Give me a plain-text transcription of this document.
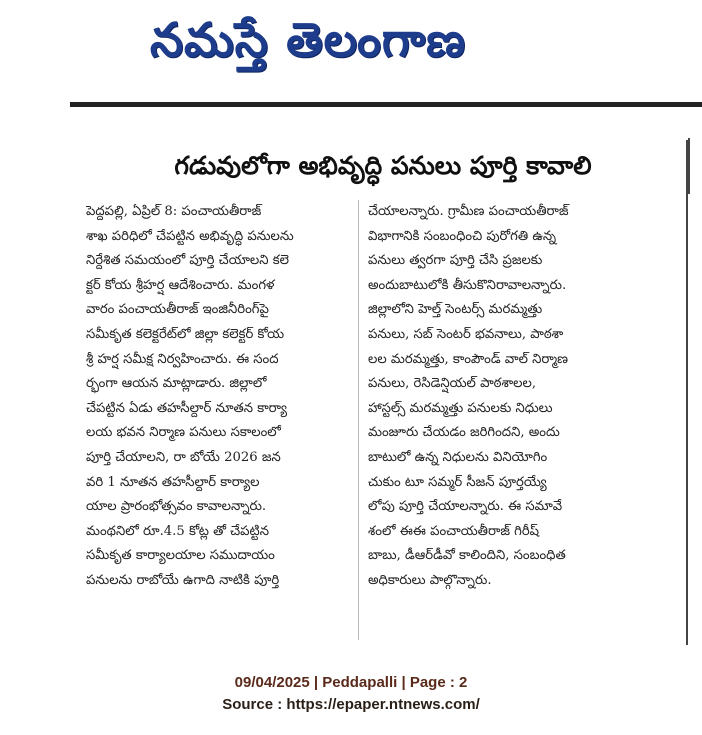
నమస్తే తెలంగాణ
గడువులోగా అభివృద్ధి పనులు పూర్తి కావాలి
పెద్దపల్లి, ఏప్రిల్ 8: పంచాయతీరాజ్
శాఖ పరిధిలో చేపట్టిన అభివృద్ధి పనులను
నిర్దేశిత సమయంలో పూర్తి చేయాలని కలె
క్టర్ కోయ శ్రీహర్ష ఆదేశించారు. మంగళ
వారం పంచాయతీరాజ్ ఇంజినీరింగ్‌పై
సమీకృత కలెక్టరేట్‌లో జిల్లా కలెక్టర్ కోయ
శ్రీ హర్ష సమీక్ష నిర్వహించారు. ఈ సంద
ర్భంగా ఆయన మాట్లాడారు. జిల్లాలో
చేపట్టిన ఏడు తహసీల్దార్ నూతన కార్యా
లయ భవన నిర్మాణ పనులు సకాలంలో
పూర్తి చేయాలని, రా బోయే 2026 జన
వరి 1 నూతన తహసీల్దార్ కార్యాల
యాల ప్రారంభోత్సవం కావాలన్నారు.
మంథనిలో రూ.4.5 కోట్ల తో చేపట్టిన
సమీకృత కార్యాలయాల సముదాయం
పనులను రాబోయే ఉగాది నాటికి పూర్తి
చేయాలన్నారు. గ్రామీణ పంచాయతీరాజ్
విభాగానికి సంబంధించి పురోగతి ఉన్న
పనులు త్వరగా పూర్తి చేసి ప్రజలకు
అందుబాటులోకి తీసుకొనిరావాలన్నారు.
జిల్లాలోని హెల్త్ సెంటర్స్ మరమ్మత్తు
పనులు, సబ్ సెంటర్ భవనాలు, పాఠశా
లల మరమ్మత్తు, కాంపౌండ్ వాల్ నిర్మాణ
పనులు, రెసిడెన్షియల్ పాఠశాలల,
హాస్టల్స్ మరమ్మత్తు పనులకు నిధులు
మంజూరు చేయడం జరిగిందని, అందు
బాటులో ఉన్న నిధులను వినియోగిం
చుకుం టూ సమ్మర్ సీజన్ పూర్తయ్యే
లోపు పూర్తి చేయాలన్నారు. ఈ సమావే
శంలో ఈఈ పంచాయతీరాజ్ గిరీష్
బాబు, డీఆర్‌డీవో కాలిందిని, సంబంధిత
అధికారులు పాల్గొన్నారు.
09/04/2025 | Peddapalli | Page : 2
Source : https://epaper.ntnews.com/
